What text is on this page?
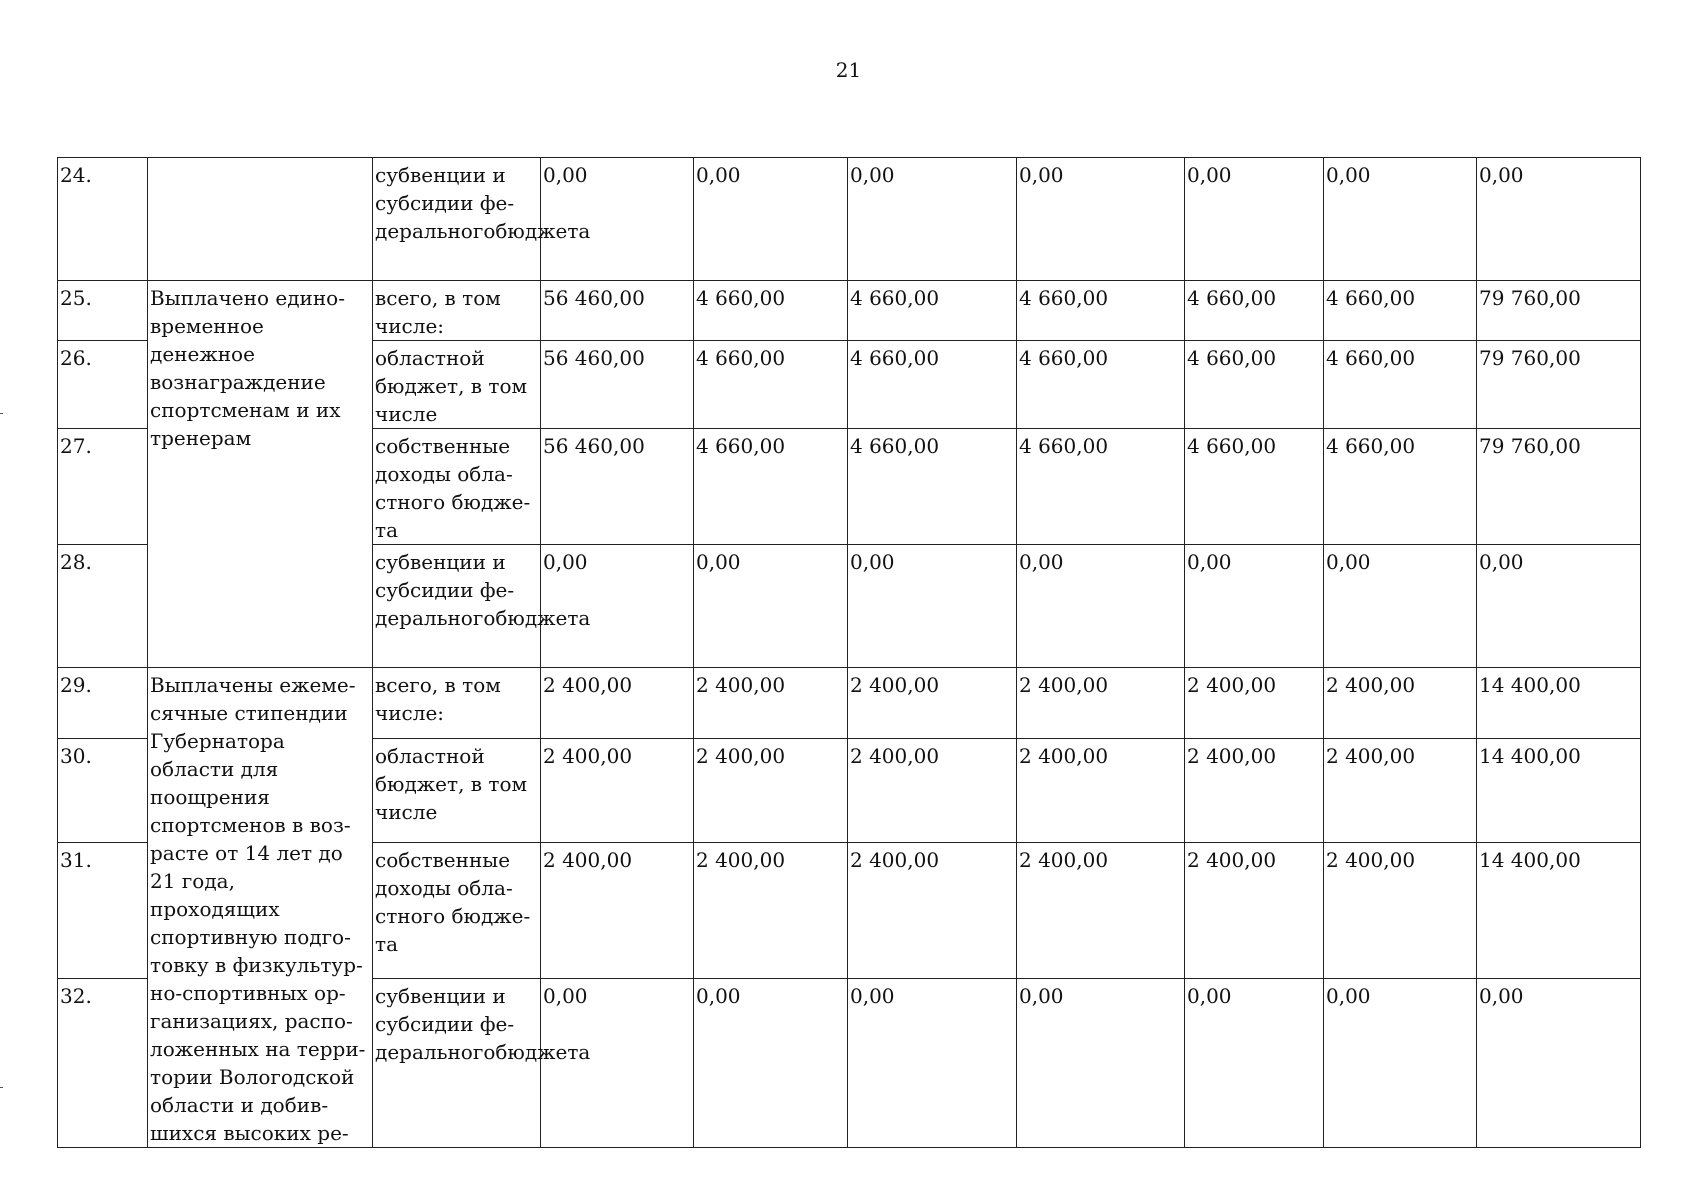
21
24.		субвенции и субсидии фе-деральногобюджета	0,00	0,00	0,00	0,00	0,00	0,00	0,00
25.	Выплачено едино-временное денежное вознаграждение спортсменам и их тренерам	всего, в том числе:	56 460,00	4 660,00	4 660,00	4 660,00	4 660,00	4 660,00	79 760,00
26.		областной бюджет, в том числе	56 460,00	4 660,00	4 660,00	4 660,00	4 660,00	4 660,00	79 760,00
27.		собственные доходы обла-стного бюдже-та	56 460,00	4 660,00	4 660,00	4 660,00	4 660,00	4 660,00	79 760,00
28.		субвенции и субсидии фе-деральногобюджета	0,00	0,00	0,00	0,00	0,00	0,00	0,00
29.	Выплачены ежеме-сячные стипендии Губернатора области для поощрения спортсменов в воз-расте от 14 лет до 21 года, проходящих спортивную подго-товку в физкультур-но-спортивных ор-ганизациях, распо-ложенных на терри-тории Вологодской области и добив-шихся высоких ре-	всего, в том числе:	2 400,00	2 400,00	2 400,00	2 400,00	2 400,00	2 400,00	14 400,00
30.		областной бюджет, в том числе	2 400,00	2 400,00	2 400,00	2 400,00	2 400,00	2 400,00	14 400,00
31.		собственные доходы обла-стного бюдже-та	2 400,00	2 400,00	2 400,00	2 400,00	2 400,00	2 400,00	14 400,00
32.		субвенции и субсидии фе-деральногобюджета	0,00	0,00	0,00	0,00	0,00	0,00	0,00
